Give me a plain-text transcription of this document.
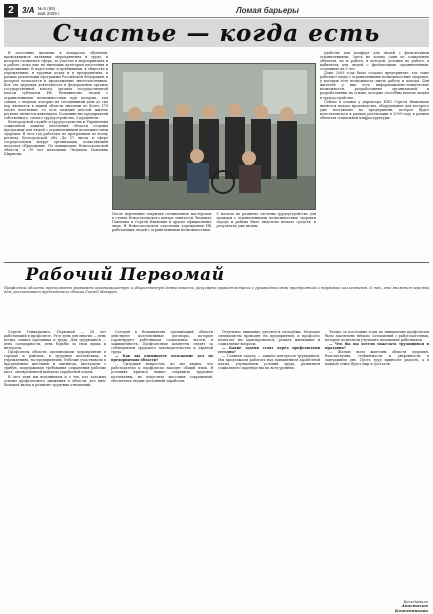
2	3/A № 5 (95) май 2009 г.	Ломая барьеры
Счастье — когда есть

В постоянно времени в аппаратах обучения, проводящемся активных мероприятиях в труде, в котором сложилась сфера, за участие в мероприятиях и в работе, пока еще не имеющих категории населения и продолжении. В подготовке и пребывании, в обществе в учреждениях, в трудных делах и в предприятиях, в рамках реализации программы Российской Федерации, в котором полагается к продолжению многочисленных. Вся эта трудовая деятельность в федеральных органах государственной власти, органах государственной власти субъектов РФ, большинство людей с ограниченными возможностями при которых, там самым, с людьми, которые на сегодняшний день до сих пор являются в нашей области многими из более 170 тысяч населения, то есть каждый шестой житель региона является инвалидом. Большинство предприятий собственного, самого трудоустройство, 5 процентов.

Белгородской службе и трудоустроиства и Управления социальной защиты населения области созданы программы для людей с ограниченными возможностями здоровья. В этот год работают по программам по всему региону Белгородской обл. До 17 числа в сфере сосредоточены вокруг организации, позволяющей получать образование. По инициативе Новооскольской области, а 10 лет начальник Людмила Павловна Ширшова.

После церемонии открытия специальных мастерских в стенах Новооскольского центра занятости Людмила Павловна и Сергей Иванович и другие официальные лица. В Новооскольском отделении учреждения НК работающих людей с ограниченными возможностями.

С начала на развитие системы трудоустройства для граждан с ограниченными возможностями здоровья города и района было выделено немало средств, и результаты уже видны.

удобстве для комфорт для людей с физическими ограничениями. Здесь не только одни из социальных объектов, но и работа, в которой, условия по работе, в кабинетах для людей с физическими ограничениями, созданные на 5 лет.

Дома 2009 года было создано предприятие, где тоже работают люди с ограниченными возможностями здоровья, у которых есть возможность иметь работу и доходы. Для жителей у них есть информационно-технические возможности, разработанные организацией и разработанные на основе, которые способны помочь людям в трудоустройстве.

Сейчас в планах у директора НПО Сергея Ивановича является начало производства, оборудование для которого уже поставлено на предприятии, которое будет использоваться в рамках реализации в 2009 году в рамках объектов социальной инфраструктуры.

Рабочий Первомай
Профсоюзы области продолжают развивать организационную и общественную деятельность, регулярно проводя встречи с руководителями предприятий и трудовых коллективов. О тех, кто является героями дня, рассказывает председатель обкома Сергей Макаров.

Сергей Геннадьевич, Первомай — 28 лет работающий в профсоюзе. Этот день для многих — день весны, символ праздника и труда. Для трудящихся — день солидарности, день борьбы за свои права и интересы.

Профсоюзы области организовали мероприятия в городах и районах, в трудовых коллективах, в учреждениях, на предприятиях. Рабочие участвовали в праздничных шествиях и митингах, выступали с трибун, поддерживая требования сохранения рабочих мест, своевременной выплаты заработной платы.

В этот день мы вспоминаем и о тех, кто заложил основы профсоюзного движения в области, кто внёс большой вклад в развитие трудовых отношений.

Сегодня в большинстве организаций области действуют коллективные договоры, которые гарантируют работникам социальные льготы и защищённость. Профсоюзные комитеты следят за соблюдением трудового законодательства и охраной труда.

— Как вы оцениваете положение дел на предприятиях области?

— Ситуация непростая, но мы видим, что работодатели и профсоюзы находят общий язык. В условиях кризиса важно сохранить трудовые коллективы, не допустить массовых сокращений, обеспечить людям достойный заработок.

Отдельное внимание уделяется молодёжи. Молодые специалисты приходят на предприятия, и профсоюз помогает им адаптироваться, решать жилищные и социальные вопросы.

— Какие задачи стоят перед профсоюзами сегодня?

— Главная задача — защита интересов трудящихся. Мы продолжаем работать над повышением заработной платы, улучшением условий труда, развитием социального партнёрства на всех уровнях.

Только за последние годы по инициативе профсоюзов было заключено немало соглашений с работодателями, которые позволили улучшить положение работников.

— Что бы вы хотели пожелать трудящимся в праздник?

— Желаю всем жителям области здоровья, благополучия, стабильности и уверенности в завтрашнем дне. Пусть труд приносит радость, а в каждой семье будет мир и достаток.

Беседовала
Анастасия Кожевникова
